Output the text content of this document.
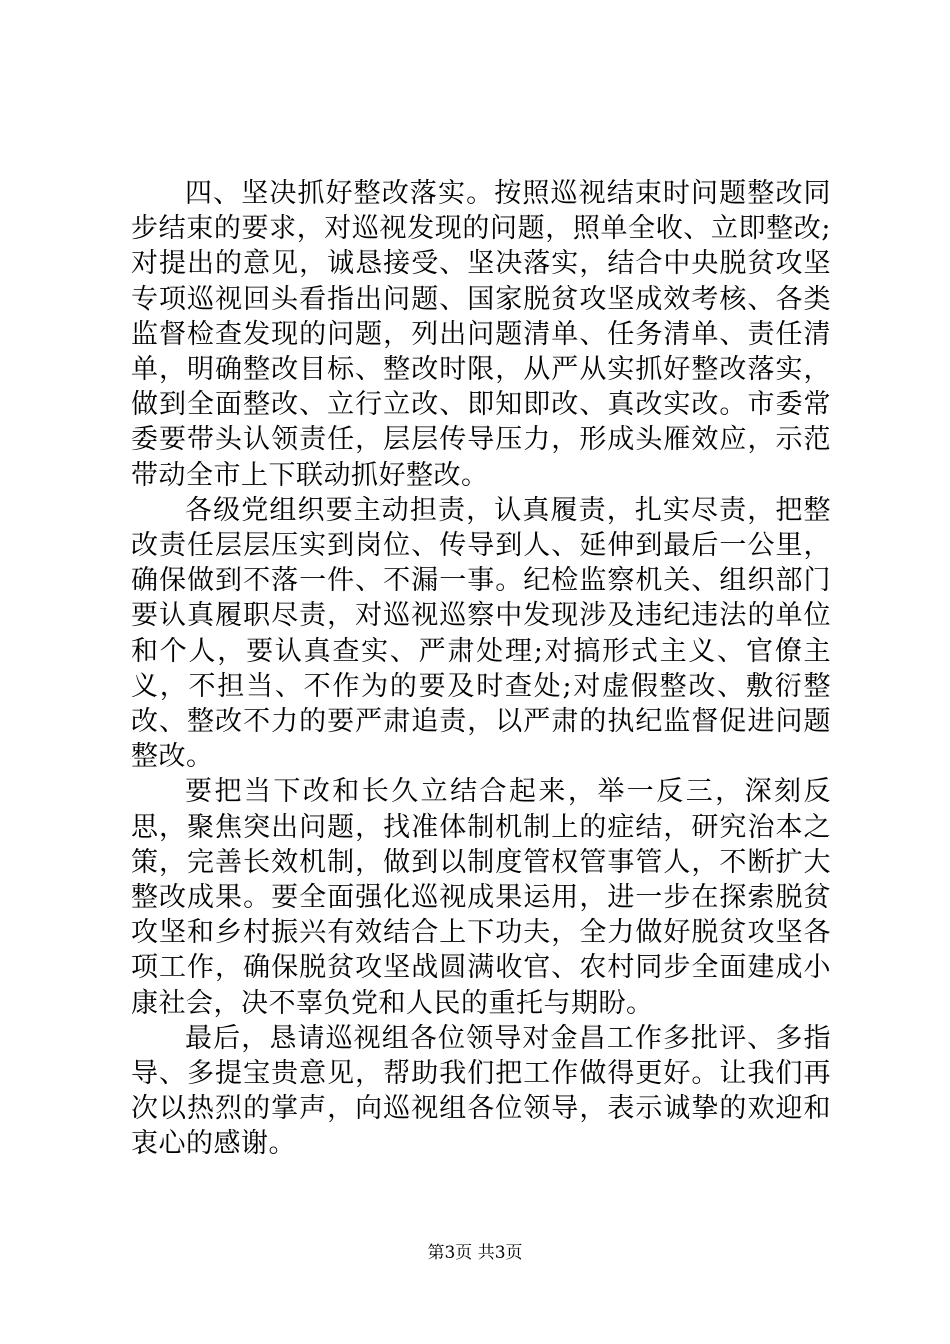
四、坚决抓好整改落实。按照巡视结束时问题整改同步结束的要求，对巡视发现的问题，照单全收、立即整改;对提出的意见，诚恳接受、坚决落实，结合中央脱贫攻坚专项巡视回头看指出问题、国家脱贫攻坚成效考核、各类监督检查发现的问题，列出问题清单、任务清单、责任清单，明确整改目标、整改时限，从严从实抓好整改落实，做到全面整改、立行立改、即知即改、真改实改。市委常委要带头认领责任，层层传导压力，形成头雁效应，示范带动全市上下联动抓好整改。

各级党组织要主动担责，认真履责，扎实尽责，把整改责任层层压实到岗位、传导到人、延伸到最后一公里，确保做到不落一件、不漏一事。纪检监察机关、组织部门要认真履职尽责，对巡视巡察中发现涉及违纪违法的单位和个人，要认真查实、严肃处理;对搞形式主义、官僚主义，不担当、不作为的要及时查处;对虚假整改、敷衍整改、整改不力的要严肃追责，以严肃的执纪监督促进问题整改。

要把当下改和长久立结合起来，举一反三，深刻反思，聚焦突出问题，找准体制机制上的症结，研究治本之策，完善长效机制，做到以制度管权管事管人，不断扩大整改成果。要全面强化巡视成果运用，进一步在探索脱贫攻坚和乡村振兴有效结合上下功夫，全力做好脱贫攻坚各项工作，确保脱贫攻坚战圆满收官、农村同步全面建成小康社会，决不辜负党和人民的重托与期盼。

最后，恳请巡视组各位领导对金昌工作多批评、多指导、多提宝贵意见，帮助我们把工作做得更好。让我们再次以热烈的掌声，向巡视组各位领导，表示诚挚的欢迎和衷心的感谢。

第3页 共3页
